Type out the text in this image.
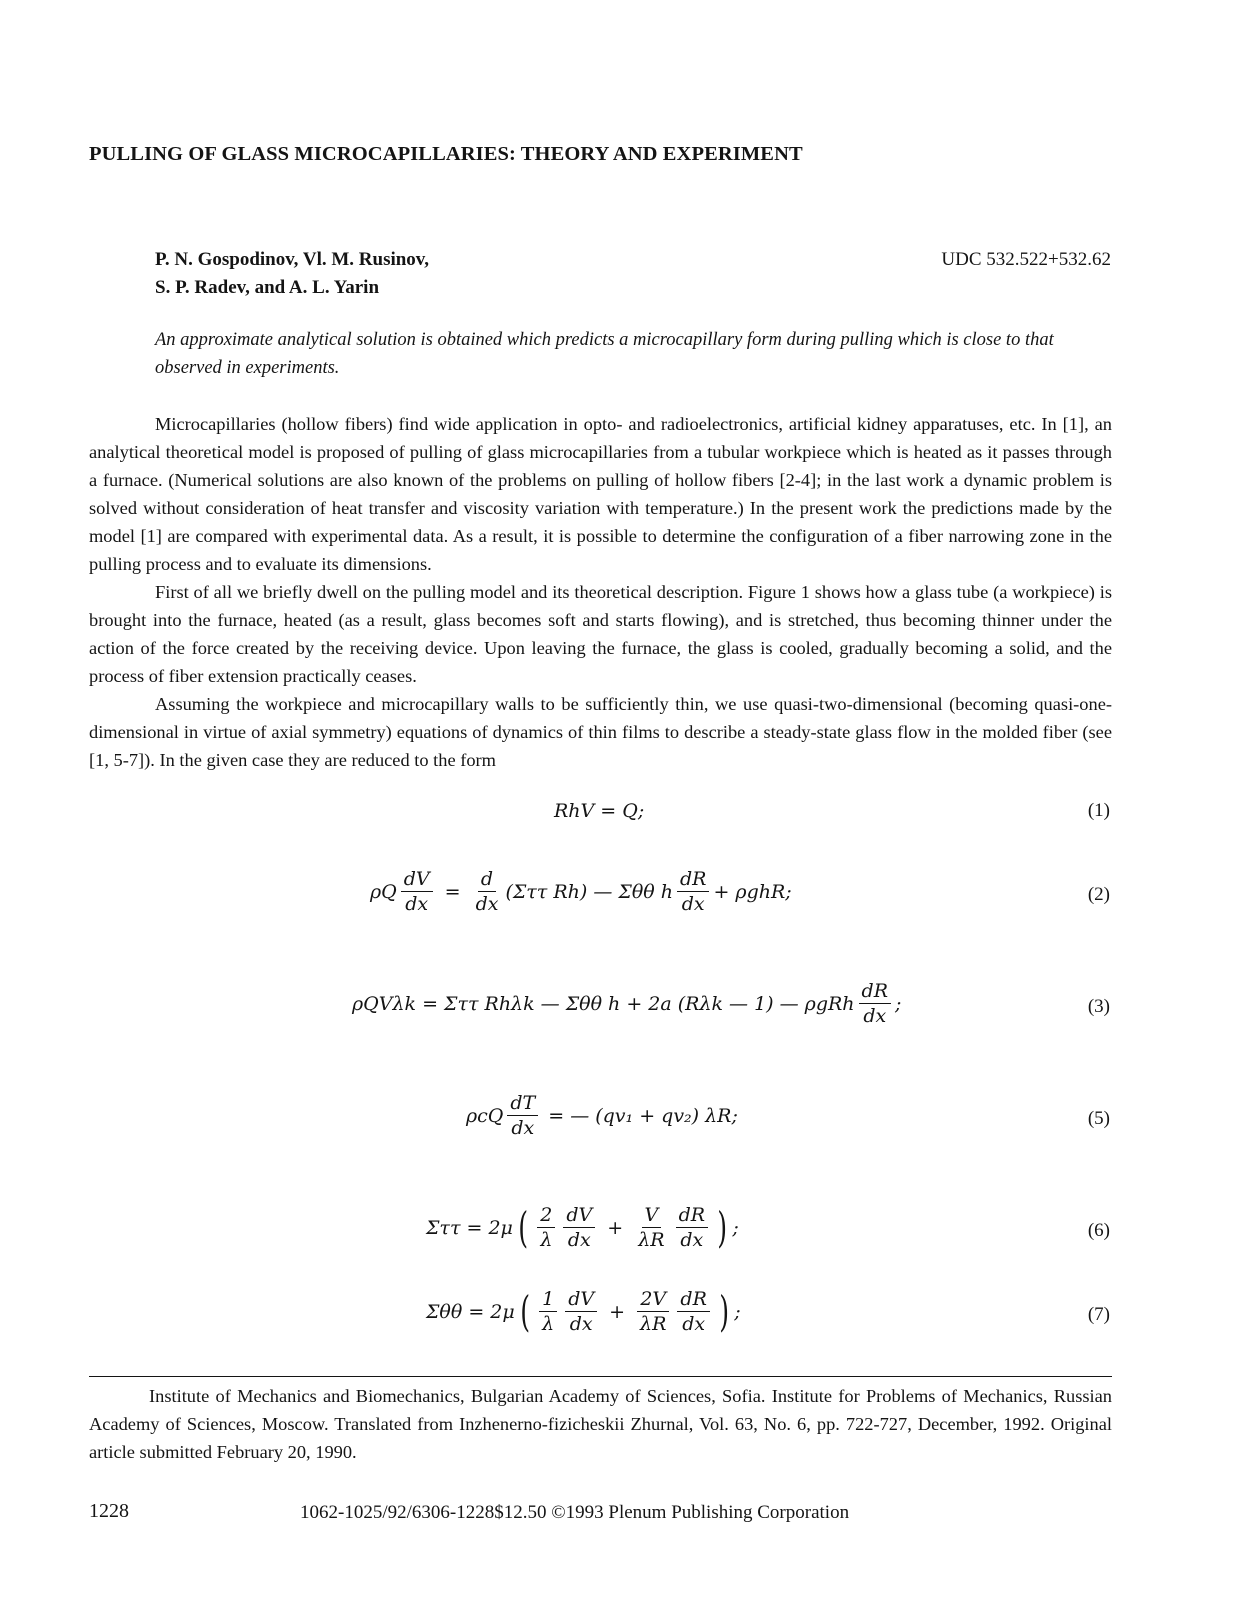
PULLING OF GLASS MICROCAPILLARIES: THEORY AND EXPERIMENT
P. N. Gospodinov, Vl. M. Rusinov,
S. P. Radev, and A. L. Yarin
UDC 532.522+532.62
An approximate analytical solution is obtained which predicts a microcapillary form during pulling which is close to that observed in experiments.

Microcapillaries (hollow fibers) find wide application in opto- and radioelectronics, artificial kidney apparatuses, etc. In [1], an analytical theoretical model is proposed of pulling of glass microcapillaries from a tubular workpiece which is heated as it passes through a furnace. (Numerical solutions are also known of the problems on pulling of hollow fibers [2-4]; in the last work a dynamic problem is solved without consideration of heat transfer and viscosity variation with temperature.) In the present work the predictions made by the model [1] are compared with experimental data. As a result, it is possible to determine the configuration of a fiber narrowing zone in the pulling process and to evaluate its dimensions.

First of all we briefly dwell on the pulling model and its theoretical description. Figure 1 shows how a glass tube (a workpiece) is brought into the furnace, heated (as a result, glass becomes soft and starts flowing), and is stretched, thus becoming thinner under the action of the force created by the receiving device. Upon leaving the furnace, the glass is cooled, gradually becoming a solid, and the process of fiber extension practically ceases.

Assuming the workpiece and microcapillary walls to be sufficiently thin, we use quasi-two-dimensional (becoming quasi-one-dimensional in virtue of axial symmetry) equations of dynamics of thin films to describe a steady-state glass flow in the molded fiber (see [1, 5-7]). In the given case they are reduced to the form

RhV = Q;	(1)
ρQ $\frac{dV}{dx} = \frac{d}{dx} (\Sigma\tau\tau$ Rh) — Σθθ h $\frac{dR}{dx} + \rho ghR$;	(2)
ρQVλk = Σττ Rhλk — Σθθ h + 2a (Rλk — 1) — ρgRh $\frac{dR}{dx}$ ;	(3)
ρcQ $\frac{dT}{dx}$ = — (qv₁ + qv₂) λR;	(5)
Σττ = 2μ ( $\frac{2}{\lambda} \frac{dV}{dx} + \frac{V}{\lambda R} \frac{dR}{dx}$ ) ;	(6)
Σθθ = 2μ ( $\frac{1}{\lambda} \frac{dV}{dx} + \frac{2V}{\lambda R} \frac{dR}{dx}$ ) ;	(7)

Institute of Mechanics and Biomechanics, Bulgarian Academy of Sciences, Sofia. Institute for Problems of Mechanics, Russian Academy of Sciences, Moscow. Translated from Inzhenerno-fizicheskii Zhurnal, Vol. 63, No. 6, pp. 722-727, December, 1992. Original article submitted February 20, 1990.

1228	1062-1025/92/6306-1228$12.50 ©1993 Plenum Publishing Corporation
